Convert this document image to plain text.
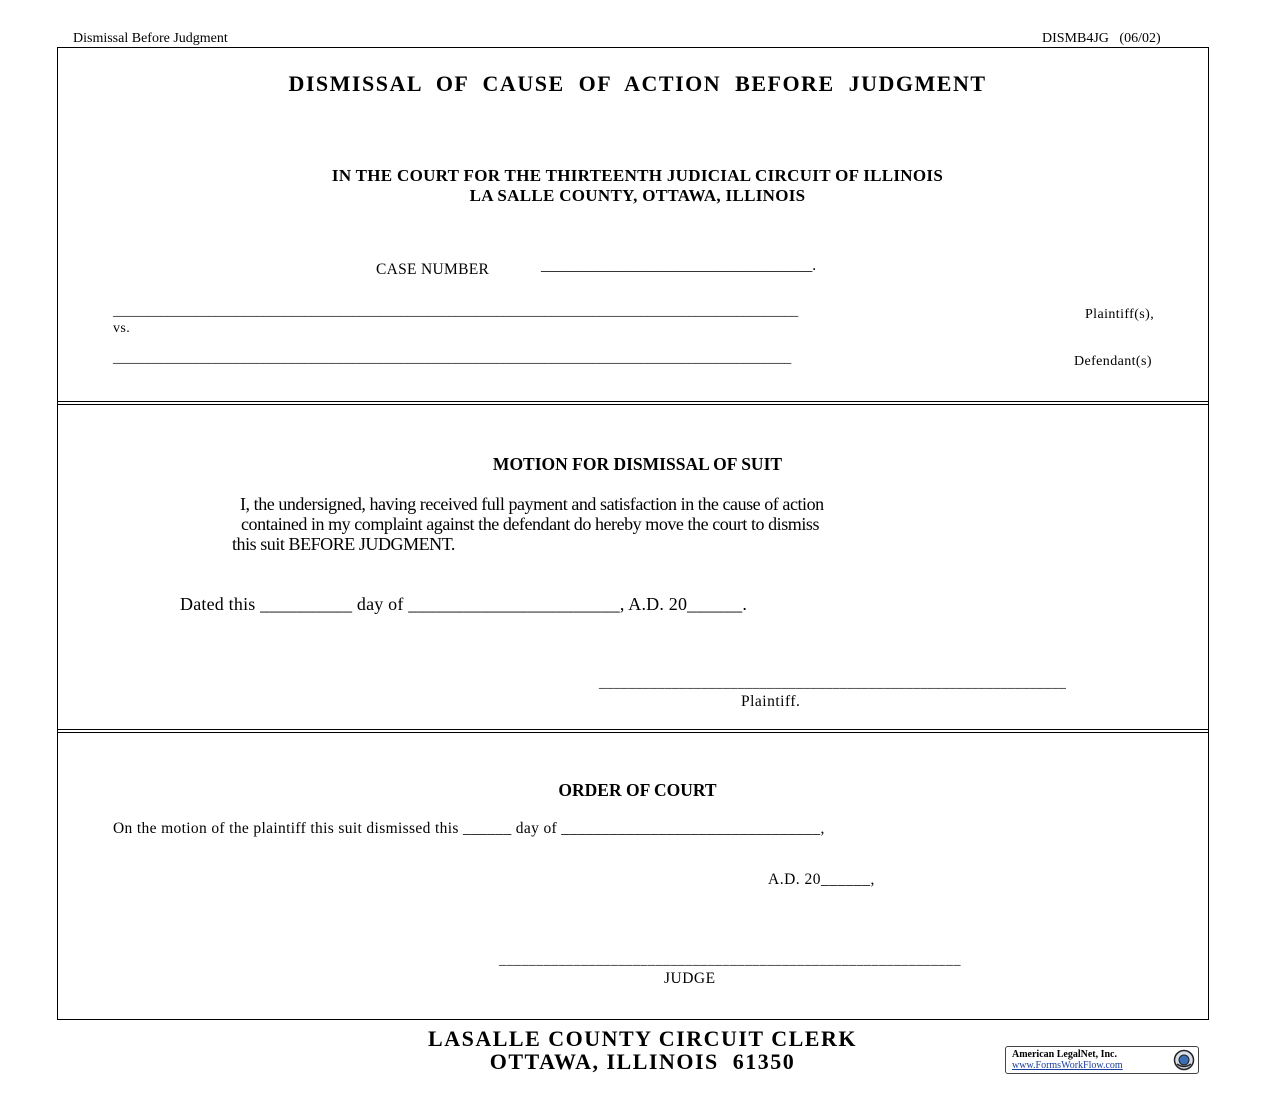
Dismissal Before Judgment	DISMB4JG   (06/02)
DISMISSAL  OF  CAUSE  OF  ACTION  BEFORE  JUDGMENT
IN THE COURT FOR THE THIRTEENTH JUDICIAL CIRCUIT OF ILLINOIS
LA SALLE COUNTY, OTTAWA, ILLINOIS
CASE NUMBER	___________________________________.
____________________________________________________________________________________________________	Plaintiff(s),
vs.
___________________________________________________________________________________________________	Defendant(s)
MOTION FOR DISMISSAL OF SUIT
I, the undersigned, having received full payment and satisfaction in the cause of action
contained in my complaint against the defendant do hereby move the court to dismiss
this suit BEFORE JUDGMENT.
Dated this __________ day of _______________________, A.D. 20______.
________________________________________________________________
Plaintiff.
ORDER OF COURT
On the motion of the plaintiff this suit dismissed this ______ day of ________________________________,
A.D. 20______,
______________________________________________________________
JUDGE
LASALLE COUNTY CIRCUIT CLERK
OTTAWA, ILLINOIS  61350	American LegalNet, Inc.
www.FormsWorkFlow.com
